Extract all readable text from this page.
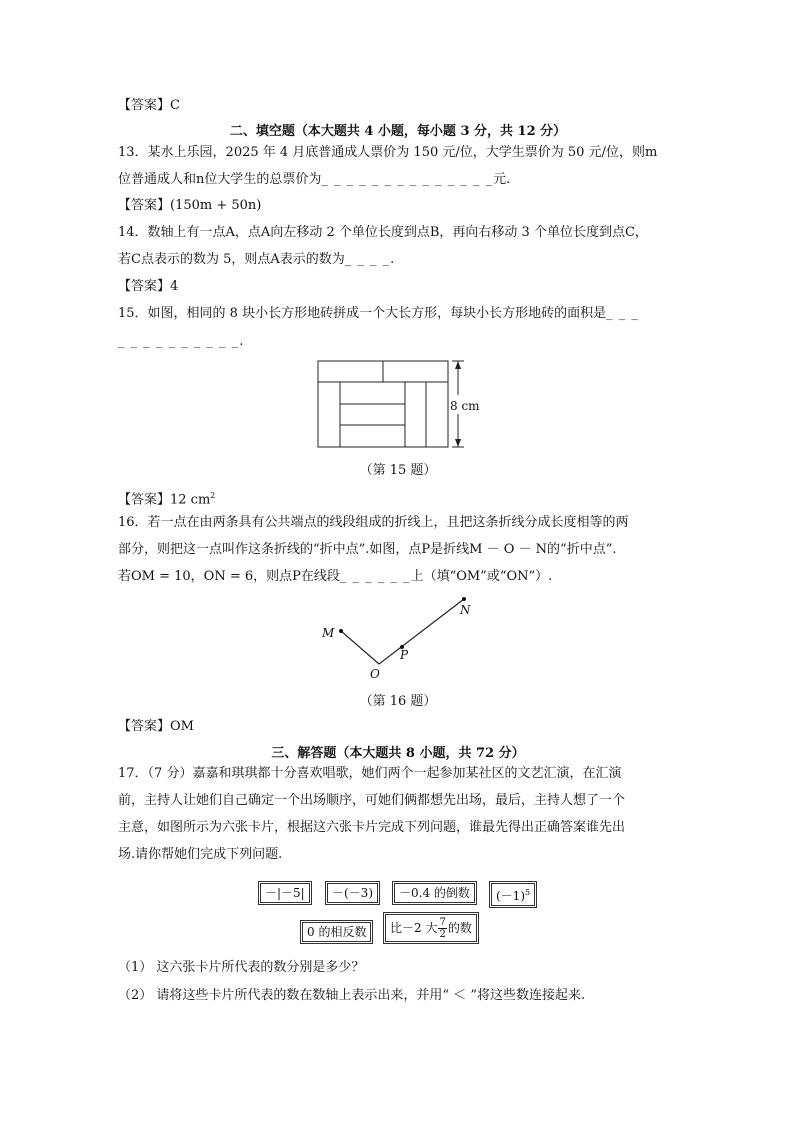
【答案】C
二、填空题（本大题共 4 小题，每小题 3 分，共 12 分）
13．某水上乐园，2025 年 4 月底普通成人票价为 150 元/位，大学生票价为 50 元/位，则m
位普通成人和n位大学生的总票价为_ _ _ _ _ _ _ _ _ _ _ _ _ _元.
【答案】(150m + 50n)
14．数轴上有一点A，点A向左移动 2 个单位长度到点B，再向右移动 3 个单位长度到点C，
若C点表示的数为 5，则点A表示的数为_ _ _ _.
【答案】4
15．如图，相同的 8 块小长方形地砖拼成一个大长方形，每块小长方形地砖的面积是_ _ _
_ _ _ _ _ _ _ _ _ _.
8 cm
（第 15 题）
【答案】12 $cm^2$
16．若一点在由两条具有公共端点的线段组成的折线上，且把这条折线分成长度相等的两
部分，则把这一点叫作这条折线的“折中点”.如图，点P是折线M － O － N的“折中点”.
若OM = 10，ON = 6，则点P在线段_ _ _ _ _ _上（填“OM”或“ON”）.
M
O
P
N
（第 16 题）
【答案】OM
三、解答题（本大题共 8 小题，共 72 分）
17．（7 分）嘉嘉和琪琪都十分喜欢唱歌，她们两个一起参加某社区的文艺汇演，在汇演
前，主持人让她们自己确定一个出场顺序，可她们俩都想先出场，最后，主持人想了一个
主意，如图所示为六张卡片，根据这六张卡片完成下列问题，谁最先得出正确答案谁先出
场.请你帮她们完成下列问题.
－|－5|	－(－3)	－0.4 的倒数	$(-1)^5$
0 的相反数	比－2 大 $\frac{7}{2}$ 的数
（1） 这六张卡片所代表的数分别是多少？
（2） 请将这些卡片所代表的数在数轴上表示出来，并用“ ＜ ”将这些数连接起来.
